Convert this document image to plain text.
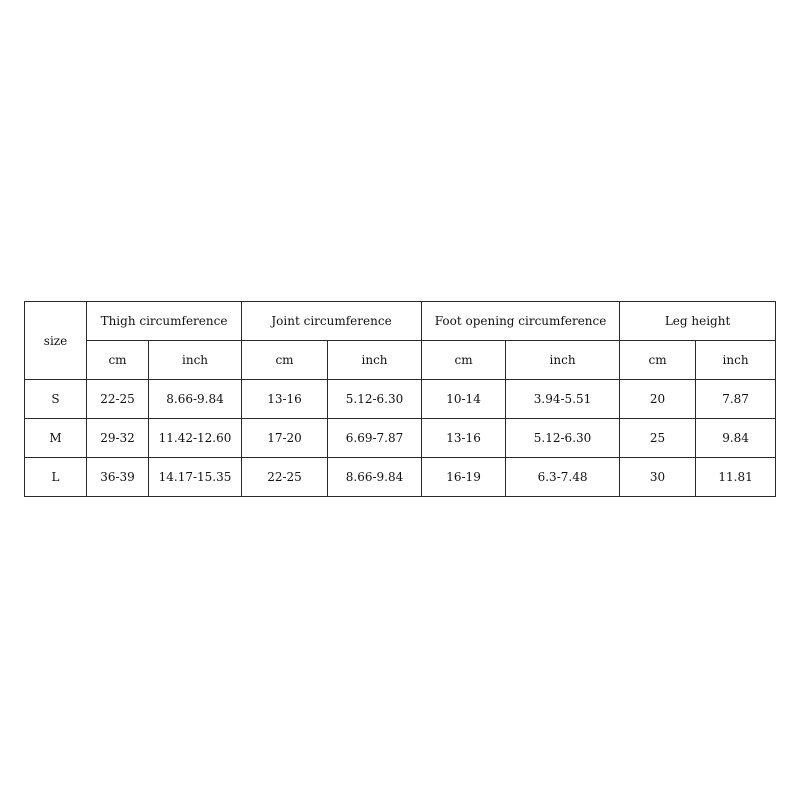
size	Thigh circumference		Joint circumference		Foot opening circumference		Leg height	
	cm	inch	cm	inch	cm	inch	cm	inch
S	22-25	8.66-9.84	13-16	5.12-6.30	10-14	3.94-5.51	20	7.87
M	29-32	11.42-12.60	17-20	6.69-7.87	13-16	5.12-6.30	25	9.84
L	36-39	14.17-15.35	22-25	8.66-9.84	16-19	6.3-7.48	30	11.81
